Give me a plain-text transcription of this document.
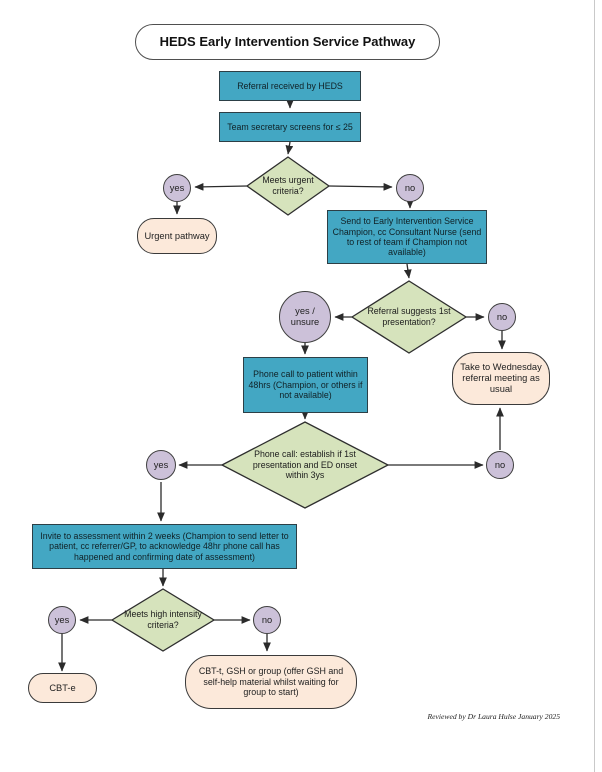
HEDS Early Intervention Service Pathway
Referral received by HEDS
Team secretary screens for ≤ 25
Send to Early Intervention Service Champion, cc Consultant Nurse (send to rest of team if Champion not available)
Phone call to patient within 48hrs (Champion, or others if not available)
Invite to assessment within 2 weeks (Champion to send letter to patient, cc referrer/GP, to acknowledge 48hr phone call has happened and confirming date of assessment)
Meets urgent criteria?
Referral suggests 1st presentation?
Phone call: establish if 1st presentation and ED onset within 3ys
Meets high intensity criteria?
yes	no
yes / unsure
no
yes	no
yes	no
Urgent pathway
Take to Wednesday referral meeting as usual
CBT-e
CBT-t, GSH or group (offer GSH and self-help material whilst waiting for group to start)
Reviewed by Dr Laura Hulse January 2025
